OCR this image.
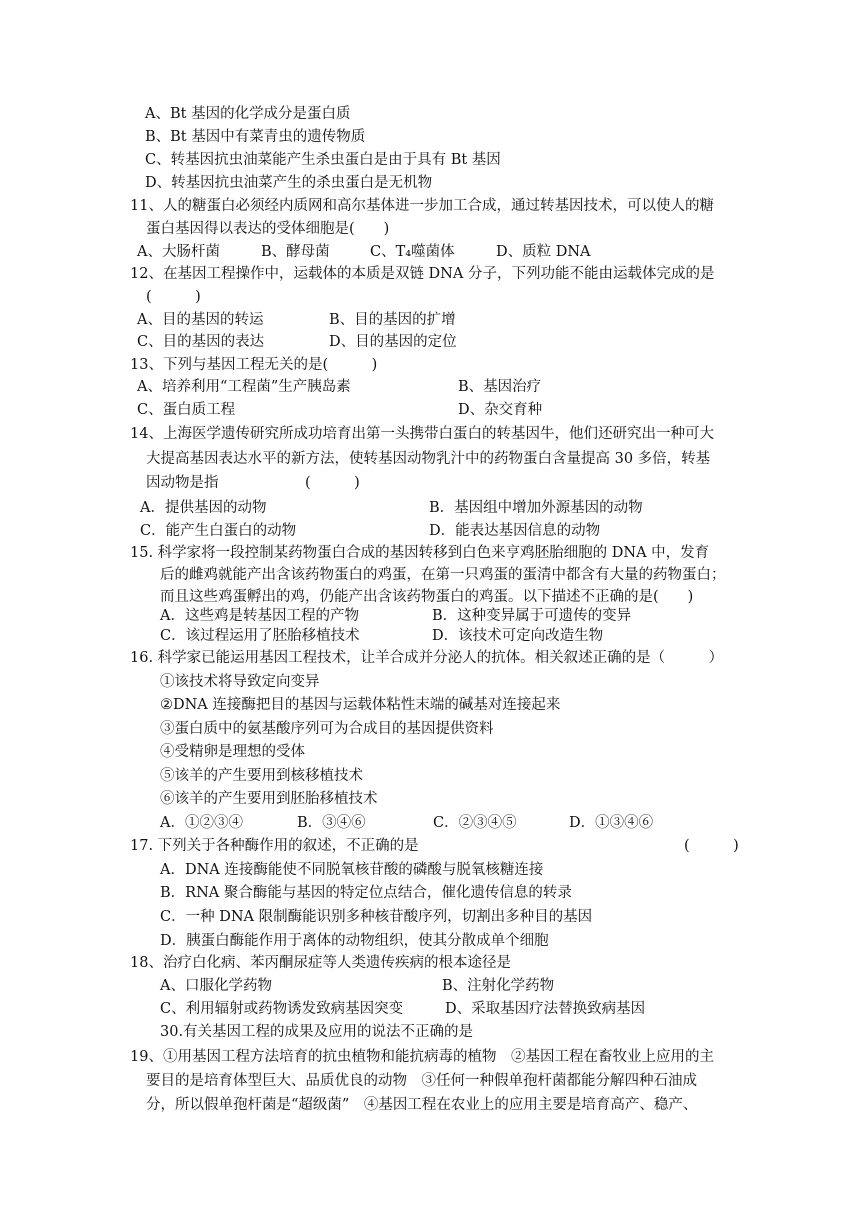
A、Bt 基因的化学成分是蛋白质
B、Bt 基因中有菜青虫的遗传物质
C、转基因抗虫油菜能产生杀虫蛋白是由于具有 Bt 基因
D、转基因抗虫油菜产生的杀虫蛋白是无机物
11、人的糖蛋白必须经内质网和高尔基体进一步加工合成，通过转基因技术，可以使人的糖
蛋白基因得以表达的受体细胞是(　　)
A、大肠杆菌	B、酵母菌	C、T₄噬菌体	D、质粒 DNA
12、在基因工程操作中，运载体的本质是双链 DNA 分子，下列功能不能由运载体完成的是
(　　　)
A、目的基因的转运	B、目的基因的扩增
C、目的基因的表达	D、目的基因的定位
13、下列与基因工程无关的是(　　　)
A、培养利用“工程菌”生产胰岛素	B、基因治疗
C、蛋白质工程	D、杂交育种
14、上海医学遗传研究所成功培育出第一头携带白蛋白的转基因牛，他们还研究出一种可大
大提高基因表达水平的新方法，使转基因动物乳汁中的药物蛋白含量提高 30 多倍，转基
因动物是指	(　　　)
A．提供基因的动物	B．基因组中增加外源基因的动物
C．能产生白蛋白的动物	D．能表达基因信息的动物
15. 科学家将一段控制某药物蛋白合成的基因转移到白色来亨鸡胚胎细胞的 DNA 中，发育
后的雌鸡就能产出含该药物蛋白的鸡蛋，在第一只鸡蛋的蛋清中都含有大量的药物蛋白；
而且这些鸡蛋孵出的鸡，仍能产出含该药物蛋白的鸡蛋。以下描述不正确的是(　　)
A．这些鸡是转基因工程的产物	B．这种变异属于可遗传的变异
C．该过程运用了胚胎移植技术	D．该技术可定向改造生物
16. 科学家已能运用基因工程技术，让羊合成并分泌人的抗体。相关叙述正确的是（　　　）
①该技术将导致定向变异
②DNA 连接酶把目的基因与运载体粘性末端的碱基对连接起来
③蛋白质中的氨基酸序列可为合成目的基因提供资料
④受精卵是理想的受体
⑤该羊的产生要用到核移植技术
⑥该羊的产生要用到胚胎移植技术
A．①②③④	B．③④⑥	C．②③④⑤	D．①③④⑥
17. 下列关于各种酶作用的叙述，不正确的是	(　　　)
A．DNA 连接酶能使不同脱氧核苷酸的磷酸与脱氧核糖连接
B．RNA 聚合酶能与基因的特定位点结合，催化遗传信息的转录
C．一种 DNA 限制酶能识别多种核苷酸序列，切割出多种目的基因
D．胰蛋白酶能作用于离体的动物组织，使其分散成单个细胞
18、治疗白化病、苯丙酮尿症等人类遗传疾病的根本途径是
A、口服化学药物	B、注射化学药物
C、利用辐射或药物诱发致病基因突变	D、采取基因疗法替换致病基因
30.有关基因工程的成果及应用的说法不正确的是
19、①用基因工程方法培育的抗虫植物和能抗病毒的植物　②基因工程在畜牧业上应用的主
要目的是培育体型巨大、品质优良的动物　③任何一种假单孢杆菌都能分解四种石油成
分，所以假单孢杆菌是“超级菌”　④基因工程在农业上的应用主要是培育高产、稳产、
